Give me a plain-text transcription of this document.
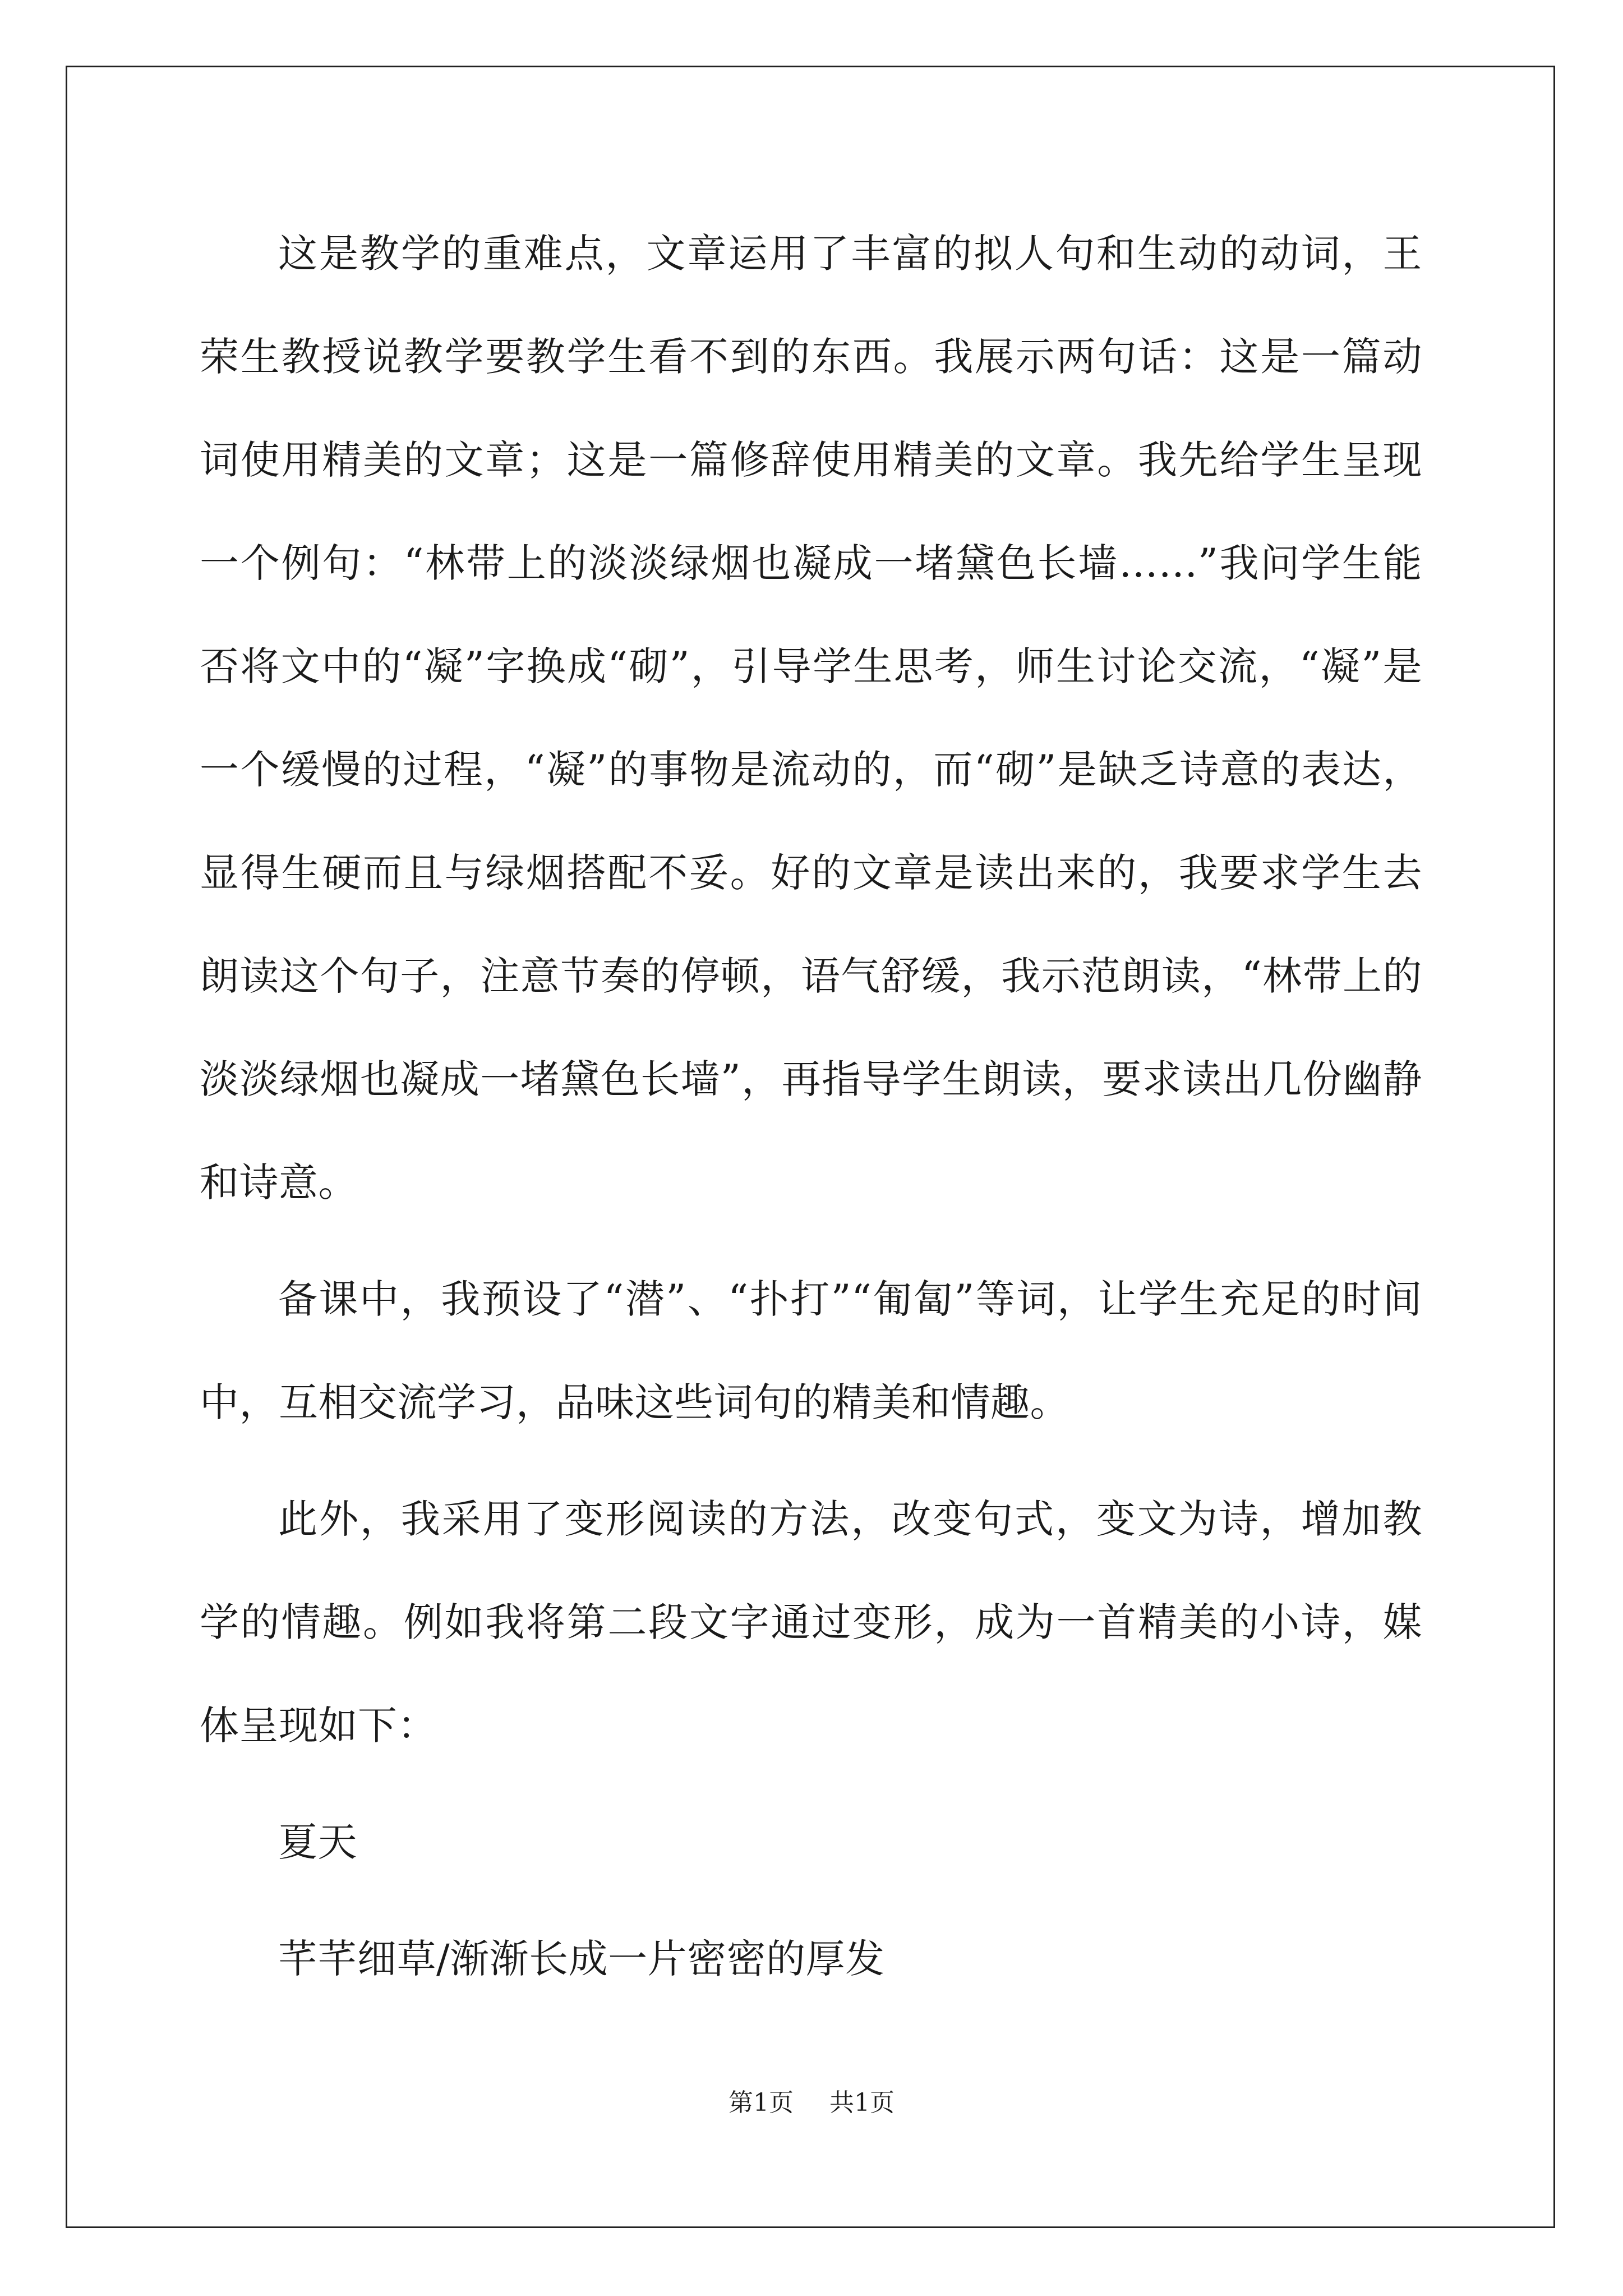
这是教学的重难点，文章运用了丰富的拟人句和生动的动词，王荣生教授说教学要教学生看不到的东西。我展示两句话：这是一篇动词使用精美的文章；这是一篇修辞使用精美的文章。我先给学生呈现一个例句：“林带上的淡淡绿烟也凝成一堵黛色长墙……”我问学生能否将文中的“凝”字换成“砌”，引导学生思考，师生讨论交流，“凝”是一个缓慢的过程，“凝”的事物是流动的，而“砌”是缺乏诗意的表达，显得生硬而且与绿烟搭配不妥。好的文章是读出来的，我要求学生去朗读这个句子，注意节奏的停顿，语气舒缓，我示范朗读，“林带上的淡淡绿烟也凝成一堵黛色长墙”，再指导学生朗读，要求读出几份幽静和诗意。

备课中，我预设了“潜”、“扑打”“匍匐”等词，让学生充足的时间中，互相交流学习，品味这些词句的精美和情趣。

此外，我采用了变形阅读的方法，改变句式，变文为诗，增加教学的情趣。例如我将第二段文字通过变形，成为一首精美的小诗，媒体呈现如下：

夏天

芊芊细草/渐渐长成一片密密的厚发

第1页 共1页
